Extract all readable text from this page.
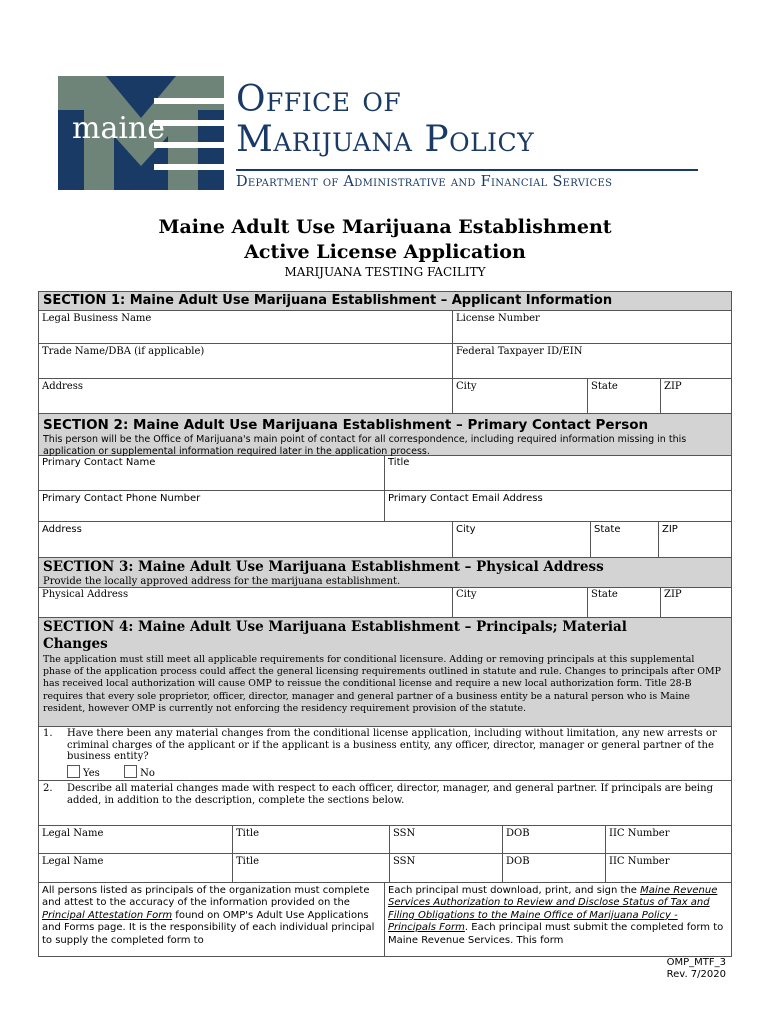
maine
Office of
Marijuana Policy
Department of Administrative and Financial Services
Maine Adult Use Marijuana Establishment
Active License Application
MARIJUANA TESTING FACILITY
SECTION 1: Maine Adult Use Marijuana Establishment – Applicant Information
Legal Business Name	License Number
Trade Name/DBA (if applicable)	Federal Taxpayer ID/EIN
Address	City	State	ZIP
SECTION 2: Maine Adult Use Marijuana Establishment – Primary Contact Person
This person will be the Office of Marijuana's main point of contact for all correspondence, including required information missing in this application or supplemental information required later in the application process.
Primary Contact Name	Title
Primary Contact Phone Number	Primary Contact Email Address
Address	City	State	ZIP
SECTION 3: Maine Adult Use Marijuana Establishment – Physical Address
Provide the locally approved address for the marijuana establishment.
Physical Address	City	State	ZIP
SECTION 4: Maine Adult Use Marijuana Establishment – Principals; Material
Changes
The application must still meet all applicable requirements for conditional licensure. Adding or removing principals at this supplemental phase of the application process could affect the general licensing requirements outlined in statute and rule. Changes to principals after OMP has received local authorization will cause OMP to reissue the conditional license and require a new local authorization form. Title 28-B requires that every sole proprietor, officer, director, manager and general partner of a business entity be a natural person who is Maine resident, however OMP is currently not enforcing the residency requirement provision of the statute.
1. Have there been any material changes from the conditional license application, including without limitation, any new arrests or criminal charges of the applicant or if the applicant is a business entity, any officer, director, manager or general partner of the business entity?
Yes	No
2. Describe all material changes made with respect to each officer, director, manager, and general partner. If principals are being added, in addition to the description, complete the sections below.
Legal Name	Title	SSN	DOB	IIC Number
Legal Name	Title	SSN	DOB	IIC Number
All persons listed as principals of the organization must complete and attest to the accuracy of the information provided on the Principal Attestation Form found on OMP's Adult Use Applications and Forms page. It is the responsibility of each individual principal to supply the completed form to
Each principal must download, print, and sign the Maine Revenue Services Authorization to Review and Disclose Status of Tax and Filing Obligations to the Maine Office of Marijuana Policy - Principals Form. Each principal must submit the completed form to Maine Revenue Services. This form
OMP_MTF_3
Rev. 7/2020
